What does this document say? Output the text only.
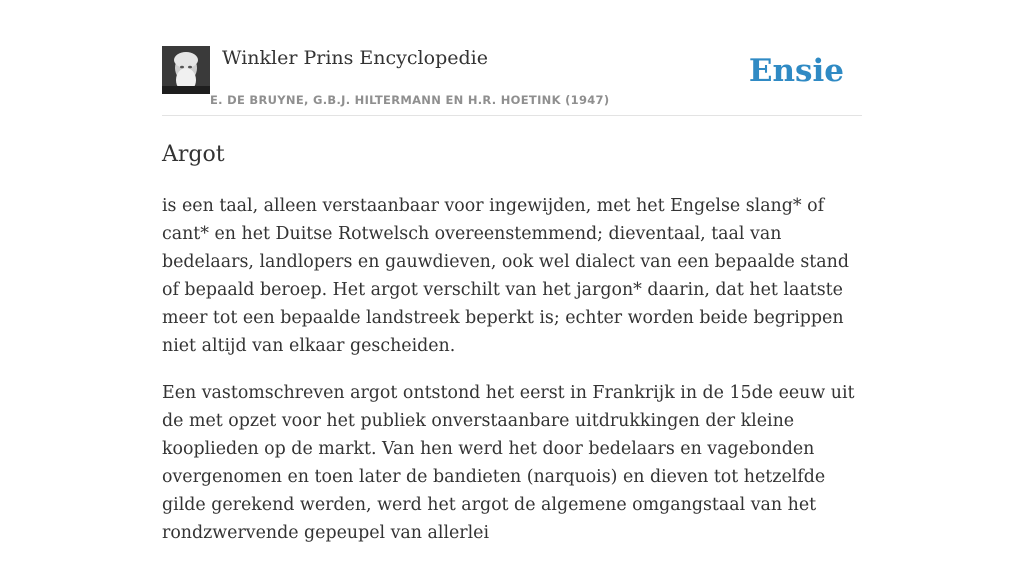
Winkler Prins Encyclopedie
E. DE BRUYNE, G.B.J. HILTERMANN EN H.R. HOETINK (1947)
Ensie
Argot

is een taal, alleen verstaanbaar voor ingewijden, met het Engelse slang* of cant* en het Duitse Rotwelsch overeenstemmend; dieventaal, taal van bedelaars, landlopers en gauwdieven, ook wel dialect van een bepaalde stand of bepaald beroep. Het argot verschilt van het jargon* daarin, dat het laatste meer tot een bepaalde landstreek beperkt is; echter worden beide begrippen niet altijd van elkaar gescheiden.

Een vastomschreven argot ontstond het eerst in Frankrijk in de 15de eeuw uit de met opzet voor het publiek onverstaanbare uitdrukkingen der kleine kooplieden op de markt. Van hen werd het door bedelaars en vagebonden overgenomen en toen later de bandieten (narquois) en dieven tot hetzelfde gilde gerekend werden, werd het argot de algemene omgangstaal van het rondzwervende gepeupel van allerlei
